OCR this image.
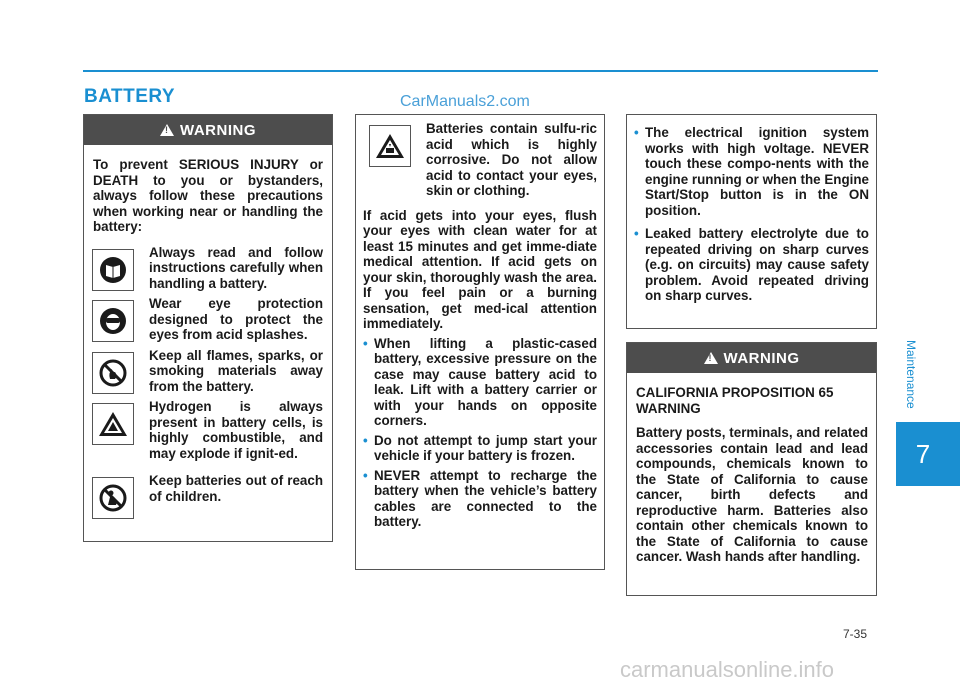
BATTERY	CarManuals2.com
Maintenance
7
7-35
carmanualsonline.info
!
WARNING
To prevent SERIOUS INJURY or DEATH to you or bystanders, always follow these precautions when working near or handling the battery:
Always read and follow instructions carefully when handling a battery.
Wear eye protection designed to protect the eyes from acid splashes.
Keep all flames, sparks, or smoking materials away from the battery.
Hydrogen is always present in battery cells, is highly combustible, and may explode if ignit-ed.
Keep batteries out of reach of children.
Batteries contain sulfu-ric acid which is highly corrosive. Do not allow acid to contact your eyes, skin or clothing.
If acid gets into your eyes, flush your eyes with clean water for at least 15 minutes and get imme-diate medical attention. If acid gets on your skin, thoroughly wash the area. If you feel pain or a burning sensation, get med-ical attention immediately.
• When lifting a plastic-cased battery, excessive pressure on the case may cause battery acid to leak. Lift with a battery carrier or with your hands on opposite corners.
• Do not attempt to jump start your vehicle if your battery is frozen.
• NEVER attempt to recharge the battery when the vehicle’s battery cables are connected to the battery.
• The electrical ignition system works with high voltage. NEVER touch these compo-nents with the engine running or when the Engine Start/Stop button is in the ON position.
• Leaked battery electrolyte due to repeated driving on sharp curves (e.g. on circuits) may cause safety problem. Avoid repeated driving on sharp curves.
!
WARNING
CALIFORNIA PROPOSITION 65 WARNING
Battery posts, terminals, and related accessories contain lead and lead compounds, chemicals known to the State of California to cause cancer, birth defects and reproductive harm. Batteries also contain other chemicals known to the State of California to cause cancer. Wash hands after handling.
